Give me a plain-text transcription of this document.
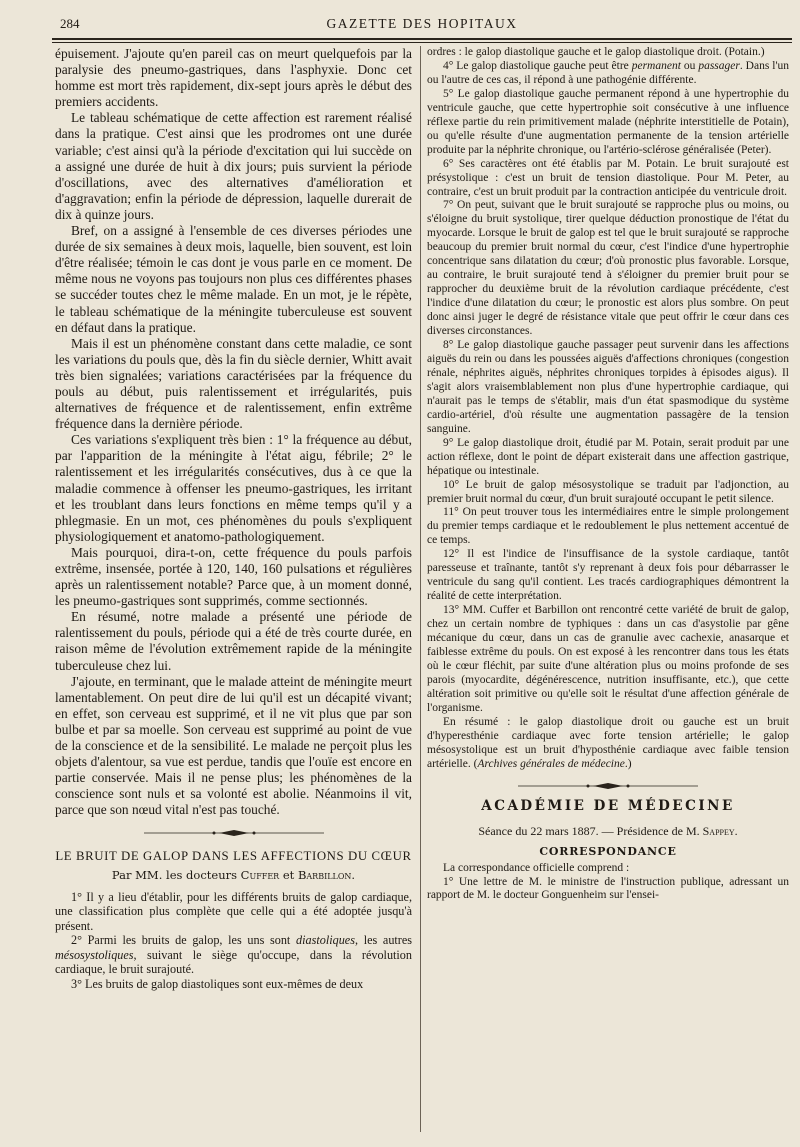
284	GAZETTE DES HOPITAUX

épuisement. J'ajoute qu'en pareil cas on meurt quelquefois par la paralysie des pneumo-gastriques, dans l'asphyxie. Donc cet homme est mort très rapidement, dix-sept jours après le début des premiers accidents.

Le tableau schématique de cette affection est rarement réalisé dans la pratique. C'est ainsi que les prodromes ont une durée variable; c'est ainsi qu'à la période d'excitation qui lui succède on a assigné une durée de huit à dix jours; puis survient la période d'oscillations, avec des alternatives d'amélioration et d'aggravation; enfin la période de dépression, laquelle durerait de dix à quinze jours.

Bref, on a assigné à l'ensemble de ces diverses périodes une durée de six semaines à deux mois, laquelle, bien souvent, est loin d'être réalisée; témoin le cas dont je vous parle en ce moment. De même nous ne voyons pas toujours non plus ces différentes phases se succéder toutes chez le même malade. En un mot, je le répète, le tableau schématique de la méningite tuberculeuse est souvent en défaut dans la pratique.

Mais il est un phénomène constant dans cette maladie, ce sont les variations du pouls que, dès la fin du siècle dernier, Whitt avait très bien signalées; variations caractérisées par la fréquence du pouls au début, puis ralentissement et irrégularités, puis alternatives de fréquence et de ralentissement, enfin extrême fréquence dans la dernière période.

Ces variations s'expliquent très bien : 1° la fréquence au début, par l'apparition de la méningite à l'état aigu, fébrile; 2° le ralentissement et les irrégularités consécutives, dus à ce que la maladie commence à offenser les pneumo-gastriques, les irritant et les troublant dans leurs fonctions en même temps qu'il y a phlegmasie. En un mot, ces phénomènes du pouls s'expliquent physiologiquement et anatomo-pathologiquement.

Mais pourquoi, dira-t-on, cette fréquence du pouls parfois extrême, insensée, portée à 120, 140, 160 pulsations et régulières après un ralentissement notable? Parce que, à un moment donné, les pneumo-gastriques sont supprimés, comme sectionnés.

En résumé, notre malade a présenté une période de ralentissement du pouls, période qui a été de très courte durée, en raison même de l'évolution extrêmement rapide de la méningite tuberculeuse chez lui.

J'ajoute, en terminant, que le malade atteint de méningite meurt lamentablement. On peut dire de lui qu'il est un décapité vivant; en effet, son cerveau est supprimé, et il ne vit plus que par son bulbe et par sa moelle. Son cerveau est supprimé au point de vue de la conscience et de la sensibilité. Le malade ne perçoit plus les objets d'alentour, sa vue est perdue, tandis que l'ouïe est encore en partie conservée. Mais il ne pense plus; les phénomènes de la conscience sont nuls et sa volonté est abolie. Néanmoins il vit, parce que son nœud vital n'est pas touché.

LE BRUIT DE GALOP DANS LES AFFECTIONS DU CŒUR
Par MM. les docteurs Cuffer et Barbillon.

1° Il y a lieu d'établir, pour les différents bruits de galop cardiaque, une classification plus complète que celle qui a été adoptée jusqu'à présent.

2° Parmi les bruits de galop, les uns sont diastoliques, les autres mésosystoliques, suivant le siège qu'occupe, dans la révolution cardiaque, le bruit surajouté.

3° Les bruits de galop diastoliques sont eux-mêmes de deux

ordres : le galop diastolique gauche et le galop diastolique droit. (Potain.)

4° Le galop diastolique gauche peut être permanent ou passager. Dans l'un ou l'autre de ces cas, il répond à une pathogénie différente.

5° Le galop diastolique gauche permanent répond à une hypertrophie du ventricule gauche, que cette hypertrophie soit consécutive à une influence réflexe partie du rein primitivement malade (néphrite interstitielle de Potain), ou qu'elle résulte d'une augmentation permanente de la tension artérielle produite par la néphrite chronique, ou l'artério-sclérose généralisée (Peter).

6° Ses caractères ont été établis par M. Potain. Le bruit surajouté est présystolique : c'est un bruit de tension diastolique. Pour M. Peter, au contraire, c'est un bruit produit par la contraction anticipée du ventricule droit.

7° On peut, suivant que le bruit surajouté se rapproche plus ou moins, ou s'éloigne du bruit systolique, tirer quelque déduction pronostique de l'état du myocarde. Lorsque le bruit de galop est tel que le bruit surajouté se rapproche beaucoup du premier bruit normal du cœur, c'est l'indice d'une hypertrophie concentrique sans dilatation du cœur; d'où pronostic plus favorable. Lorsque, au contraire, le bruit surajouté tend à s'éloigner du premier bruit pour se rapprocher du deuxième bruit de la révolution cardiaque précédente, c'est l'indice d'une dilatation du cœur; le pronostic est alors plus sombre. On peut donc ainsi juger le degré de résistance vitale que peut offrir le cœur dans ces diverses circonstances.

8° Le galop diastolique gauche passager peut survenir dans les affections aiguës du rein ou dans les poussées aiguës d'affections chroniques (congestion rénale, néphrites aiguës, néphrites chroniques torpides à épisodes aigus). Il s'agit alors vraisemblablement non plus d'une hypertrophie cardiaque, qui n'aurait pas le temps de s'établir, mais d'un état spasmodique du système cardio-artériel, d'où résulte une augmentation passagère de la tension sanguine.

9° Le galop diastolique droit, étudié par M. Potain, serait produit par une action réflexe, dont le point de départ existerait dans une affection gastrique, hépatique ou intestinale.

10° Le bruit de galop mésosystolique se traduit par l'adjonction, au premier bruit normal du cœur, d'un bruit surajouté occupant le petit silence.

11° On peut trouver tous les intermédiaires entre le simple prolongement du premier temps cardiaque et le redoublement le plus nettement accentué de ce temps.

12° Il est l'indice de l'insuffisance de la systole cardiaque, tantôt paresseuse et traînante, tantôt s'y reprenant à deux fois pour débarrasser le ventricule du sang qu'il contient. Les tracés cardiographiques démontrent la réalité de cette interprétation.

13° MM. Cuffer et Barbillon ont rencontré cette variété de bruit de galop, chez un certain nombre de typhiques : dans un cas d'asystolie par gêne mécanique du cœur, dans un cas de granulie avec cachexie, anasarque et faiblesse extrême du pouls. On est exposé à les rencontrer dans tous les états où le cœur fléchit, par suite d'une altération plus ou moins profonde de ses parois (myocardite, dégénérescence, nutrition insuffisante, etc.), que cette altération soit primitive ou qu'elle soit le résultat d'une affection générale de l'organisme.

En résumé : le galop diastolique droit ou gauche est un bruit d'hyperesthénie cardiaque avec forte tension artérielle; le galop mésosystolique est un bruit d'hyposthénie cardiaque avec faible tension artérielle. (Archives générales de médecine.)

ACADÉMIE DE MÉDECINE
Séance du 22 mars 1887. — Présidence de M. Sappey.
CORRESPONDANCE

La correspondance officielle comprend :

1° Une lettre de M. le ministre de l'instruction publique, adressant un rapport de M. le docteur Gonguenheim sur l'ensei-
